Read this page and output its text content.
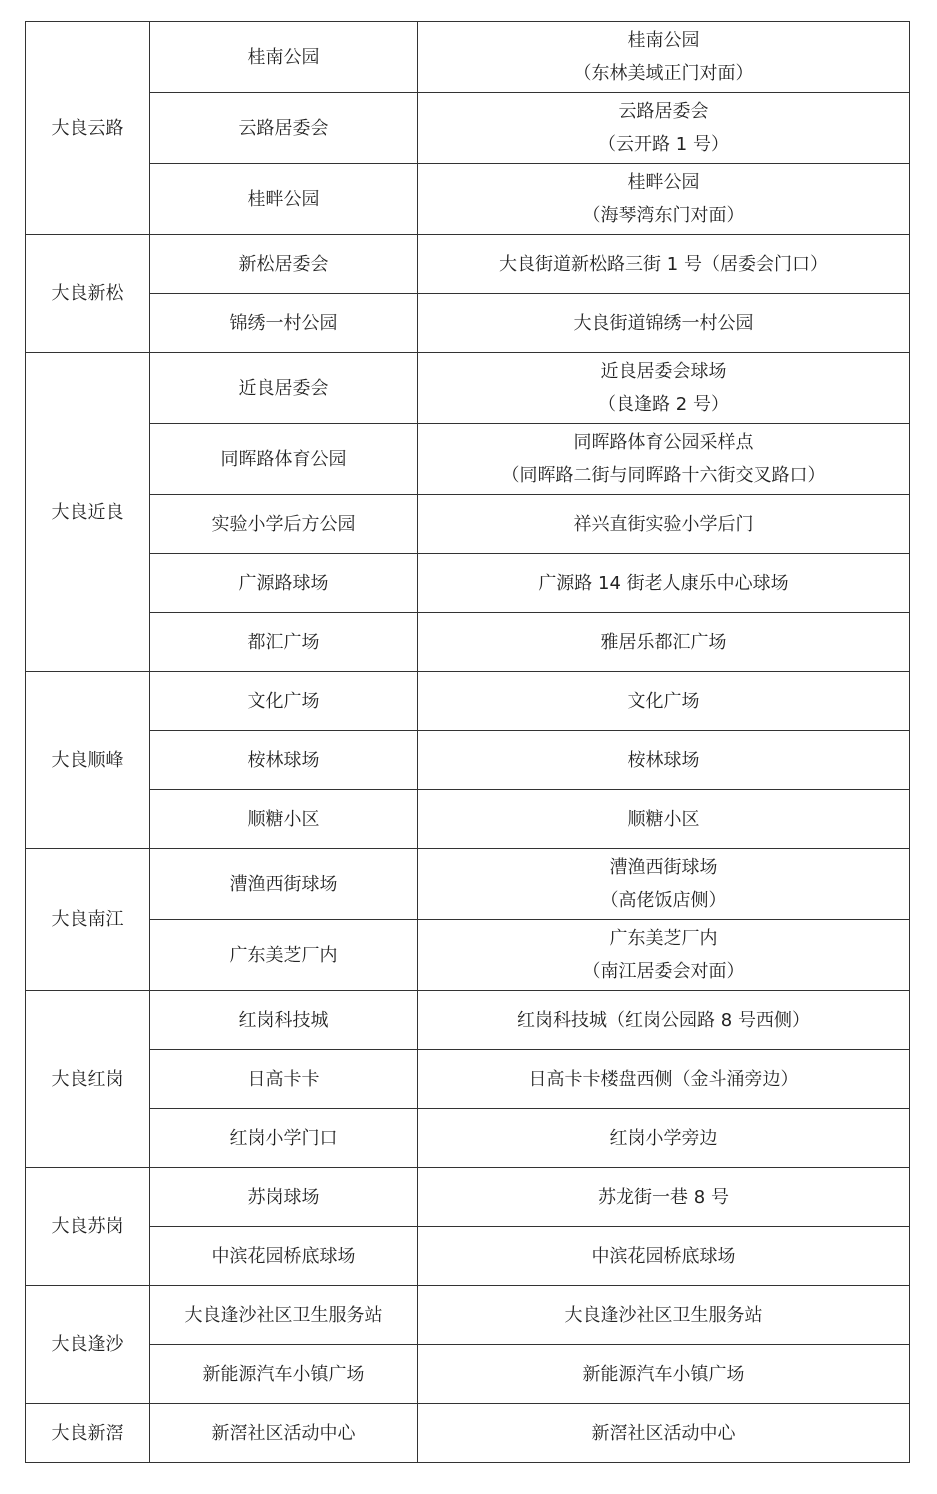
大良云路	桂南公园	桂南公园
（东林美域正门对面）

	云路居委会	云路居委会
（云开路 1 号）

	桂畔公园	桂畔公园
（海琴湾东门对面）

大良新松	新松居委会	大良街道新松路三街 1 号（居委会门口）

	锦绣一村公园	大良街道锦绣一村公园

大良近良	近良居委会	近良居委会球场
（良逢路 2 号）

	同晖路体育公园	同晖路体育公园采样点
（同晖路二街与同晖路十六街交叉路口）

	实验小学后方公园	祥兴直街实验小学后门

	广源路球场	广源路 14 街老人康乐中心球场

	都汇广场	雅居乐都汇广场

大良顺峰	文化广场	文化广场

	桉林球场	桉林球场

	顺糖小区	顺糖小区

大良南江	漕渔西街球场	漕渔西街球场
（高佬饭店侧）

	广东美芝厂内	广东美芝厂内
（南江居委会对面）

大良红岗	红岗科技城	红岗科技城（红岗公园路 8 号西侧）

	日高卡卡	日高卡卡楼盘西侧（金斗涌旁边）

	红岗小学门口	红岗小学旁边

大良苏岗	苏岗球场	苏龙街一巷 8 号

	中滨花园桥底球场	中滨花园桥底球场

大良逢沙	大良逢沙社区卫生服务站	大良逢沙社区卫生服务站

	新能源汽车小镇广场	新能源汽车小镇广场

大良新滘	新滘社区活动中心	新滘社区活动中心
